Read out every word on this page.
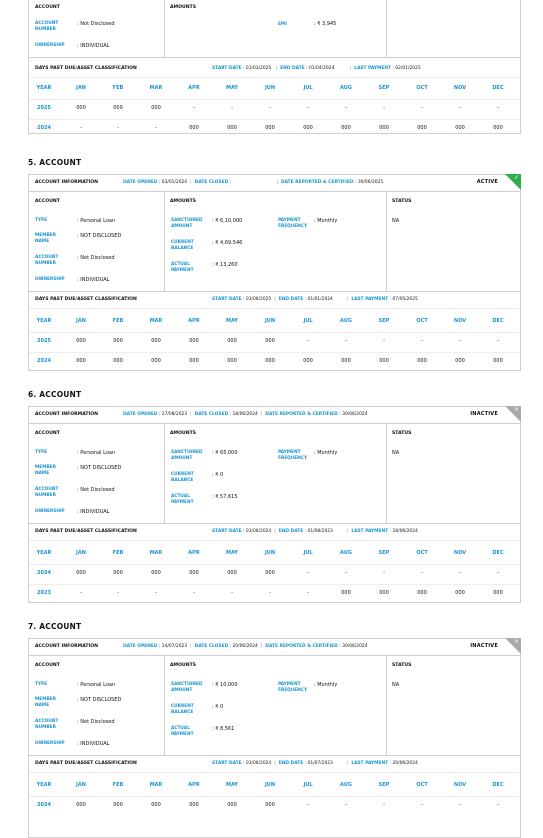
ACCOUNT
ACCOUNT NUMBER
: Not Disclosed
OWNERSHIP : INDIVIDUAL
AMOUNTS
EMI	: ₹ 3,945
DAYS PAST DUE/ASSET CLASSIFICATION	START DATE : 01/03/2025 | END DATE : 01/04/2024	| LAST PAYMENT : 02/01/2025
YEAR	JAN	FEB	MAR	APR	MAY	JUN	JUL	AUG	SEP	OCT	NOV	DEC
2025	000	000	000	-	-	-	-	-	-	-	-	-
2024	-	-	-	000	000	000	000	000	000	000	000	000
5. ACCOUNT
ACCOUNT INFORMATION	DATE OPENED : 03/01/2024 | DATE CLOSED :	| DATE REPORTED & CERTIFIED : 30/06/2025	ACTIVE
✓
ACCOUNT
TYPE	: Personal Loan
MEMBER NAME
: NOT DISCLOSED
ACCOUNT NUMBER
: Not Disclosed
OWNERSHIP : INDIVIDUAL
AMOUNTS
SANCTIONED AMOUNT
: ₹ 6,10,000
CURRENT BALANCE
: ₹ 4,69,546
ACTUAL PAYMENT
: ₹ 13,260
PAYMENT FREQUENCY
: Monthly
STATUS
NA
DAYS PAST DUE/ASSET CLASSIFICATION	START DATE : 01/06/2025 | END DATE : 01/01/2024	| LAST PAYMENT : 07/05/2025
YEAR	JAN	FEB	MAR	APR	MAY	JUN	JUL	AUG	SEP	OCT	NOV	DEC
2025	000	000	000	000	000	000	-	-	-	-	-	-
2024	000	000	000	000	000	000	000	000	000	000	000	000
6. ACCOUNT
ACCOUNT INFORMATION	DATE OPENED : 27/08/2023 | DATE CLOSED : 18/06/2024 | DATE REPORTED & CERTIFIED : 30/06/2024	INACTIVE
×
ACCOUNT
TYPE	: Personal Loan
MEMBER NAME
: NOT DISCLOSED
ACCOUNT NUMBER
: Not Disclosed
OWNERSHIP : INDIVIDUAL
AMOUNTS
SANCTIONED AMOUNT
: ₹ 65,000
CURRENT BALANCE
: ₹ 0
ACTUAL PAYMENT
: ₹ 57,615
PAYMENT FREQUENCY
: Monthly
STATUS
NA
DAYS PAST DUE/ASSET CLASSIFICATION	START DATE : 01/06/2024 | END DATE : 01/08/2023	| LAST PAYMENT : 18/06/2024
YEAR	JAN	FEB	MAR	APR	MAY	JUN	JUL	AUG	SEP	OCT	NOV	DEC
2024	000	000	000	000	000	000	-	-	-	-	-	-
2023	-	-	-	-	-	-	-	000	000	000	000	000
7. ACCOUNT
ACCOUNT INFORMATION	DATE OPENED : 14/07/2023 | DATE CLOSED : 20/06/2024 | DATE REPORTED & CERTIFIED : 30/06/2024	INACTIVE
×
ACCOUNT
TYPE	: Personal Loan
MEMBER NAME
: NOT DISCLOSED
ACCOUNT NUMBER
: Not Disclosed
OWNERSHIP : INDIVIDUAL
AMOUNTS
SANCTIONED AMOUNT
: ₹ 10,000
CURRENT BALANCE
: ₹ 0
ACTUAL PAYMENT
: ₹ 8,561
PAYMENT FREQUENCY
: Monthly
STATUS
NA
DAYS PAST DUE/ASSET CLASSIFICATION	START DATE : 01/06/2024 | END DATE : 01/07/2023	| LAST PAYMENT : 20/06/2024
YEAR	JAN	FEB	MAR	APR	MAY	JUN	JUL	AUG	SEP	OCT	NOV	DEC
2024	000	000	000	000	000	000	-	-	-	-	-	-
